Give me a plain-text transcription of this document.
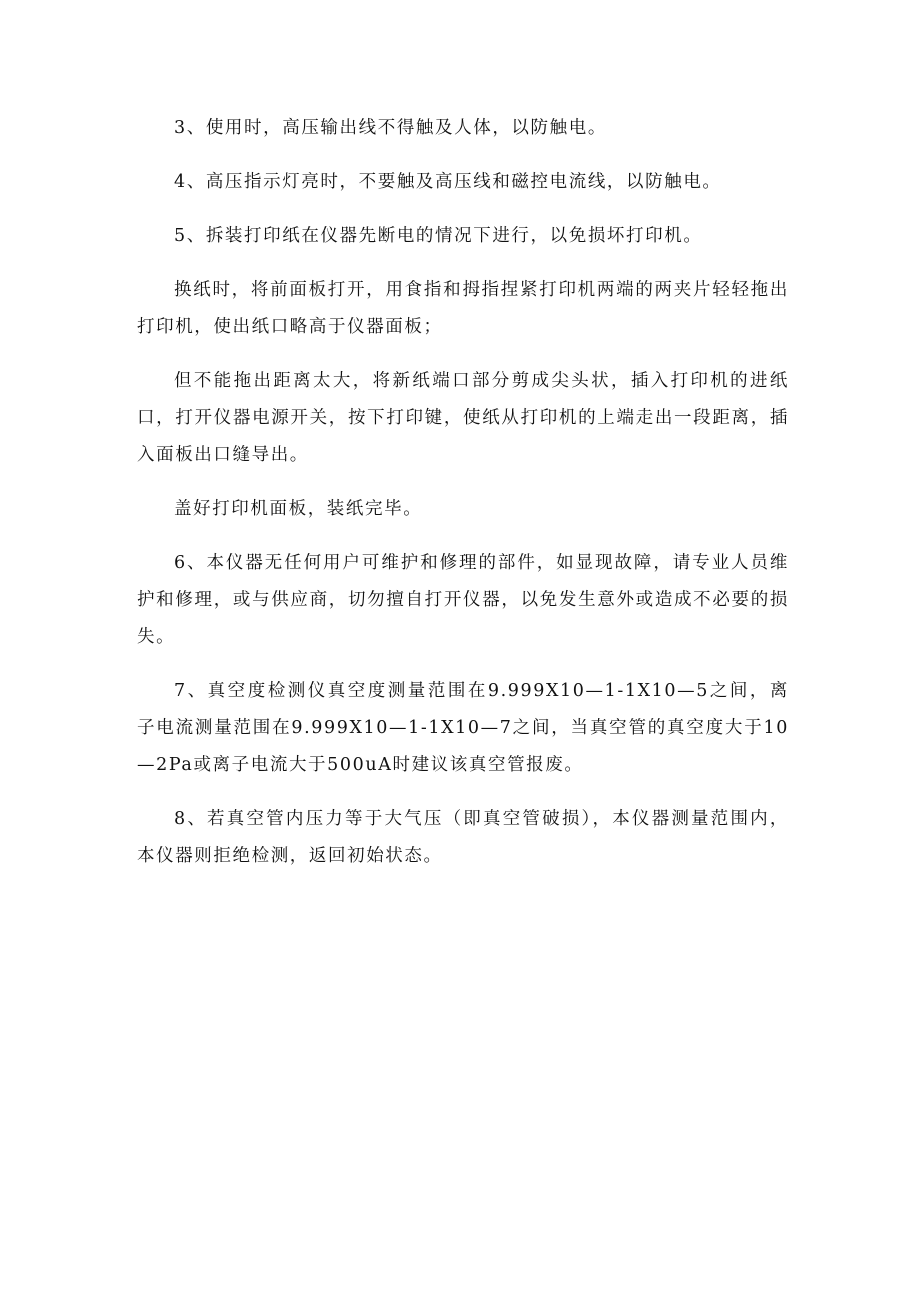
3、使用时，高压输出线不得触及人体，以防触电。

4、高压指示灯亮时，不要触及高压线和磁控电流线，以防触电。

5、拆装打印纸在仪器先断电的情况下进行，以免损坏打印机。

换纸时，将前面板打开，用食指和拇指捏紧打印机两端的两夹片轻轻拖出打印机，使出纸口略高于仪器面板；

但不能拖出距离太大，将新纸端口部分剪成尖头状，插入打印机的进纸口，打开仪器电源开关，按下打印键，使纸从打印机的上端走出一段距离，插入面板出口缝导出。

盖好打印机面板，装纸完毕。

6、本仪器无任何用户可维护和修理的部件，如显现故障，请专业人员维护和修理，或与供应商，切勿擅自打开仪器，以免发生意外或造成不必要的损失。

7、真空度检测仪真空度测量范围在9.999X10—1-1X10—5之间，离子电流测量范围在9.999X10—1-1X10—7之间，当真空管的真空度大于10—2Pa或离子电流大于500uA时建议该真空管报废。

8、若真空管内压力等于大气压（即真空管破损），本仪器测量范围内，本仪器则拒绝检测，返回初始状态。
